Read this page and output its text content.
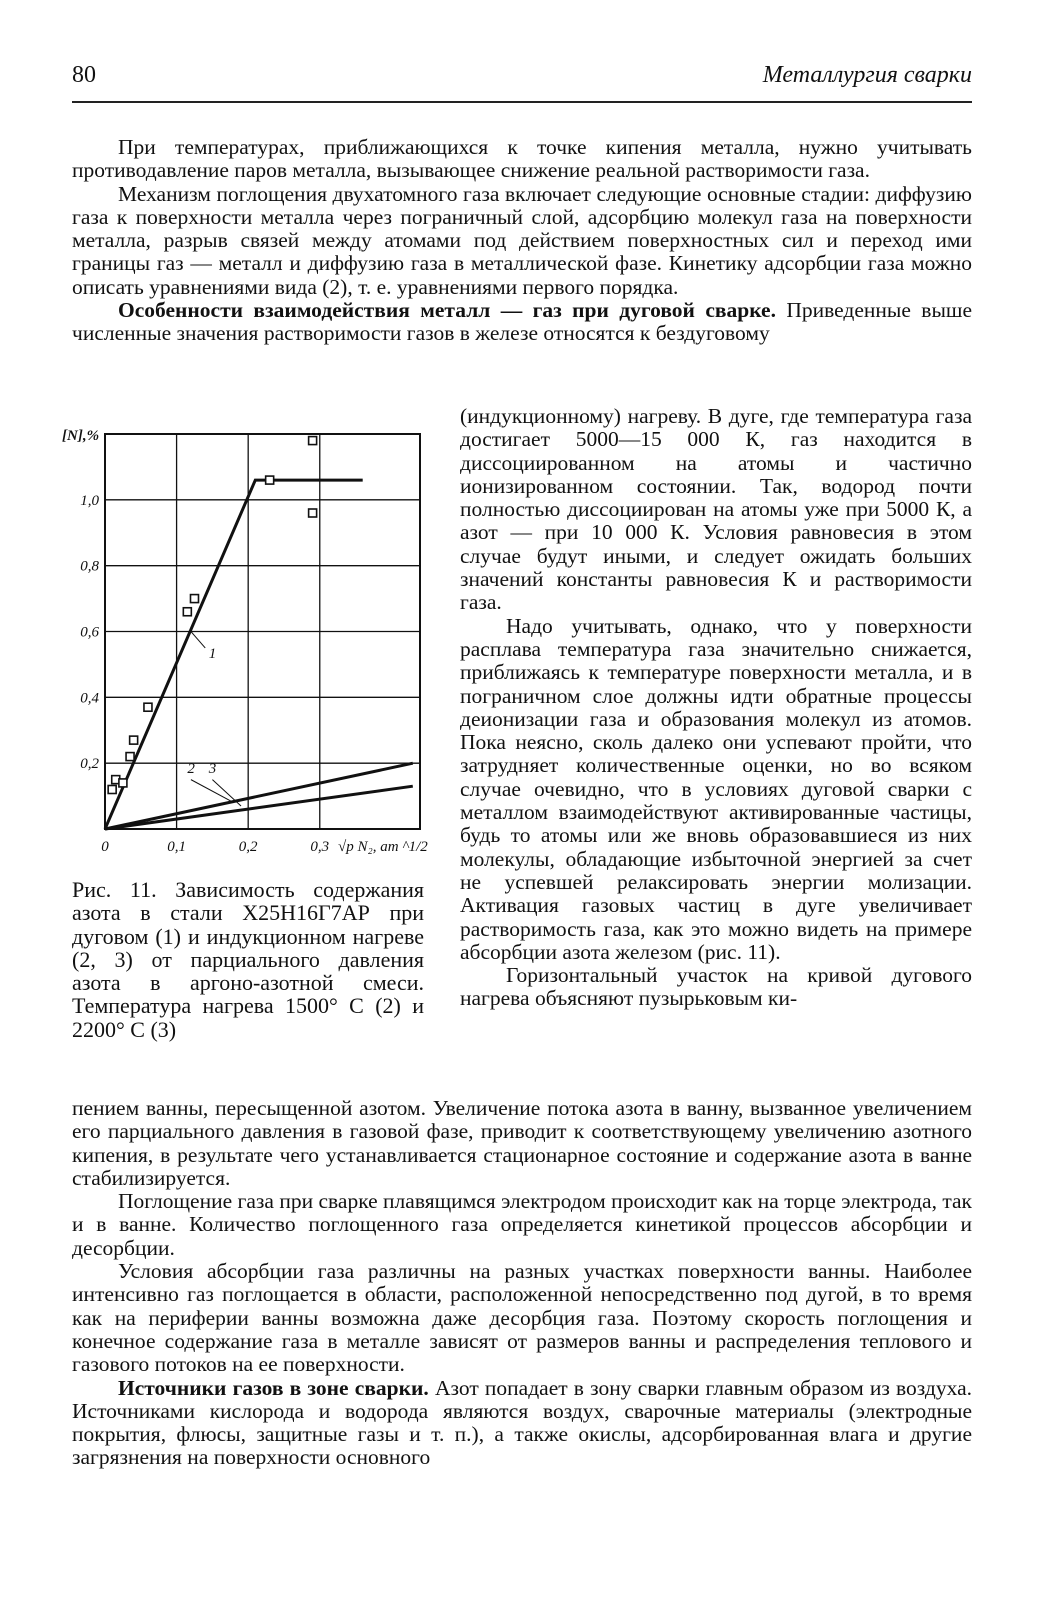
80	Металлургия сварки

При температурах, приближающихся к точке кипения металла, нужно учитывать противодавление паров металла, вызывающее снижение реальной растворимости газа.

Механизм поглощения двухатомного газа включает следующие основные стадии: диффузию газа к поверхности металла через пограничный слой, адсорбцию молекул газа на поверхности металла, разрыв связей между атомами под действием поверхностных сил и переход ими границы газ — металл и диффузию газа в металлической фазе. Кинетику адсорбции газа можно описать уравнениями вида (2), т. е. уравнениями первого порядка.

Особенности взаимодействия металл — газ при дуговой сварке. Приведенные выше численные значения растворимости газов в железе относятся к бездуговому

(индукционному) нагреву. В дуге, где температура газа достигает 5000—15 000 К, газ находится в диссоциированном на атомы и частично ионизированном состоянии. Так, водород почти полностью диссоциирован на атомы уже при 5000 К, а азот — при 10 000 К. Условия равновесия в этом случае будут иными, и следует ожидать больших значений константы равновесия К и растворимости газа.

Надо учитывать, однако, что у поверхности расплава температура газа значительно снижается, приближаясь к температуре поверхности металла, и в пограничном слое должны идти обратные процессы деионизации газа и образования молекул из атомов. Пока неясно, сколь далеко они успевают пройти, что затрудняет количественные оценки, но во всяком случае очевидно, что в условиях дуговой сварки с металлом взаимодействуют активированные частицы, будь то атомы или же вновь образовавшиеся из них молекулы, обладающие избыточной энергией за счет не успевшей релаксировать энергии молизации. Активация газовых частиц в дуге увеличивает растворимость газа, как это можно видеть на примере абсорбции азота железом (рис. 11).

Горизонтальный участок на кривой дугового нагрева объясняют пузырьковым ки-

0	0,1	0,2	0,3
0,2
0,4
0,6
0,8
1,0
[N],%
√p N₂, ат ^1/2
1
2 3
Рис. 11. Зависимость содержания азота в стали Х25Н16Г7АР при дуговом (1) и индукционном нагреве (2, 3) от парциального давления азота в аргоно-азотной смеси. Температура нагрева 1500° С (2) и 2200° С (3)

пением ванны, пересыщенной азотом. Увеличение потока азота в ванну, вызванное увеличением его парциального давления в газовой фазе, приводит к соответствующему увеличению азотного кипения, в результате чего устанавливается стационарное состояние и содержание азота в ванне стабилизируется.

Поглощение газа при сварке плавящимся электродом происходит как на торце электрода, так и в ванне. Количество поглощенного газа определяется кинетикой процессов абсорбции и десорбции.

Условия абсорбции газа различны на разных участках поверхности ванны. Наиболее интенсивно газ поглощается в области, расположенной непосредственно под дугой, в то время как на периферии ванны возможна даже десорбция газа. Поэтому скорость поглощения и конечное содержание газа в металле зависят от размеров ванны и распределения теплового и газового потоков на ее поверхности.

Источники газов в зоне сварки. Азот попадает в зону сварки главным образом из воздуха. Источниками кислорода и водорода являются воздух, сварочные материалы (электродные покрытия, флюсы, защитные газы и т. п.), а также окислы, адсорбированная влага и другие загрязнения на поверхности основного
